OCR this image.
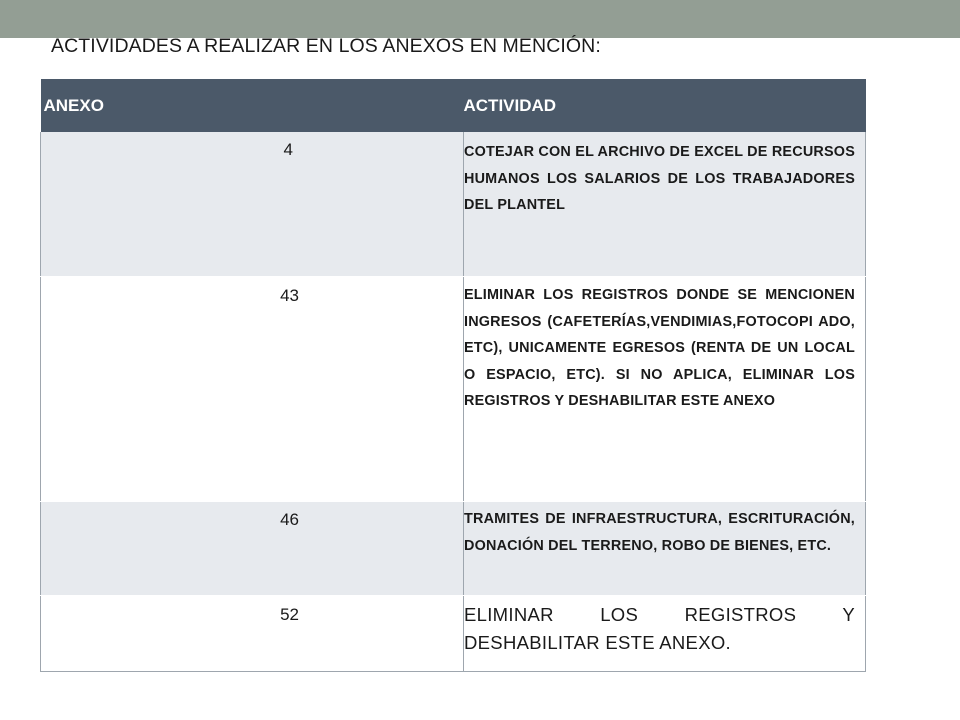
ACTIVIDADES A REALIZAR EN LOS ANEXOS EN MENCIÓN:
ANEXO	ACTIVIDAD
4	COTEJAR CON EL ARCHIVO DE EXCEL DE RECURSOS HUMANOS LOS SALARIOS DE LOS TRABAJADORES DEL PLANTEL
43	ELIMINAR LOS REGISTROS DONDE SE MENCIONEN INGRESOS (CAFETERÍAS,VENDIMIAS,FOTOCOPI ADO, ETC), UNICAMENTE EGRESOS (RENTA DE UN LOCAL O ESPACIO, ETC). SI NO APLICA, ELIMINAR LOS REGISTROS Y DESHABILITAR ESTE ANEXO
46	TRAMITES DE INFRAESTRUCTURA, ESCRITURACIÓN, DONACIÓN DEL TERRENO, ROBO DE BIENES, ETC.
52	ELIMINAR LOS REGISTROS Y DESHABILITAR ESTE ANEXO.
